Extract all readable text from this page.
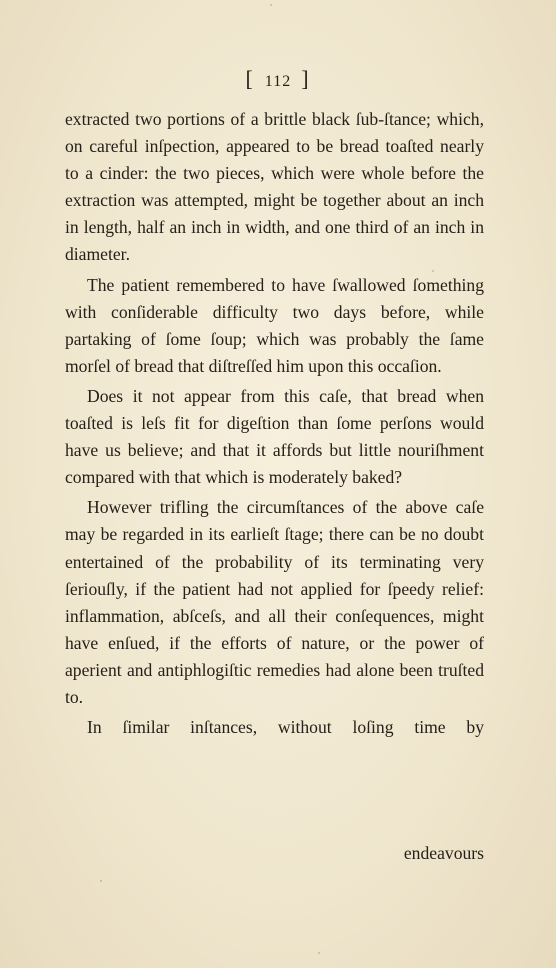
[ 112 ]

extracted two portions of a brittle black ſub-ſtance; which, on careful inſpection, appeared to be bread toaſted nearly to a cinder: the two pieces, which were whole before the extraction was attempted, might be together about an inch in length, half an inch in width, and one third of an inch in diameter.

The patient remembered to have ſwallowed ſomething with conſiderable difficulty two days before, while partaking of ſome ſoup; which was probably the ſame morſel of bread that diſtreſſed him upon this occaſion.

Does it not appear from this caſe, that bread when toaſted is leſs fit for digeſtion than ſome perſons would have us believe; and that it affords but little nouriſhment compared with that which is moderately baked?

However trifling the circumſtances of the above caſe may be regarded in its earlieſt ſtage; there can be no doubt entertained of the probability of its terminating very ſeriouſly, if the patient had not applied for ſpeedy relief: inflammation, abſceſs, and all their conſequences, might have enſued, if the efforts of nature, or the power of aperient and antiphlogiſtic remedies had alone been truſted to.

In ſimilar inſtances, without loſing time by

endeavours
